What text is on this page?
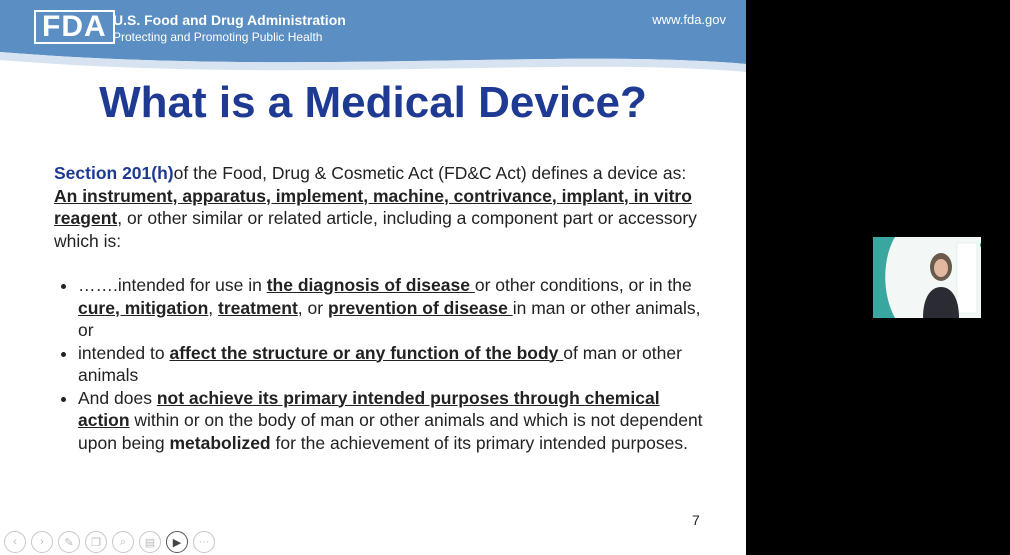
FDA U.S. Food and Drug Administration
Protecting and Promoting Public Health
www.fda.gov
What is a Medical Device?

Section 201(h)of the Food, Drug & Cosmetic Act (FD&C Act) defines a device as:

An instrument, apparatus, implement, machine, contrivance, implant, in vitro reagent, or other similar or related article, including a component part or accessory which is:

• …….intended for use in the diagnosis of disease or other conditions, or in the cure, mitigation, treatment, or prevention of disease in man or other animals, or
• intended to affect the structure or any function of the body of man or other animals
• And does not achieve its primary intended purposes through chemical action within or on the body of man or other animals and which is not dependent upon being metabolized for the achievement of its primary intended purposes.
7
‹	›	✎	❐	⌕	▤	▶	···
